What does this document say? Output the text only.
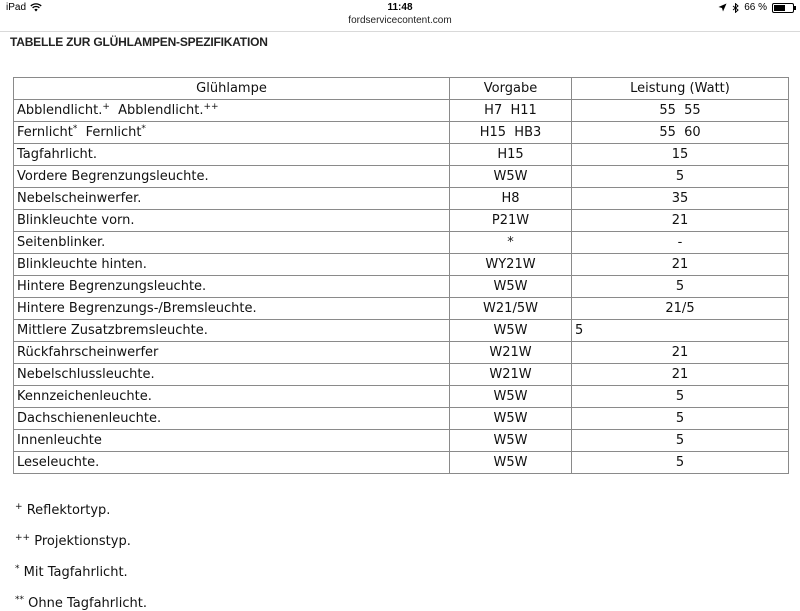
iPad	11:48	66 %
fordservicecontent.com
TABELLE ZUR GLÜHLAMPEN-SPEZIFIKATION
Glühlampe	Vorgabe	Leistung (Watt)
Abblendlicht.+ Abblendlicht.++	H7  H11	55  55
Fernlicht* Fernlicht*	H15  HB3	55  60
Tagfahrlicht.	H15	15
Vordere Begrenzungsleuchte.	W5W	5
Nebelscheinwerfer.	H8	35
Blinkleuchte vorn.	P21W	21
Seitenblinker.	*	-
Blinkleuchte hinten.	WY21W	21
Hintere Begrenzungsleuchte.	W5W	5
Hintere Begrenzungs-/Bremsleuchte.	W21/5W	21/5
Mittlere Zusatzbremsleuchte.	W5W	5
Rückfahrscheinwerfer	W21W	21
Nebelschlussleuchte.	W21W	21
Kennzeichenleuchte.	W5W	5
Dachschienenleuchte.	W5W	5
Innenleuchte	W5W	5
Leseleuchte.	W5W	5
+ Reflektortyp.
++ Projektionstyp.
* Mit Tagfahrlicht.
** Ohne Tagfahrlicht.
